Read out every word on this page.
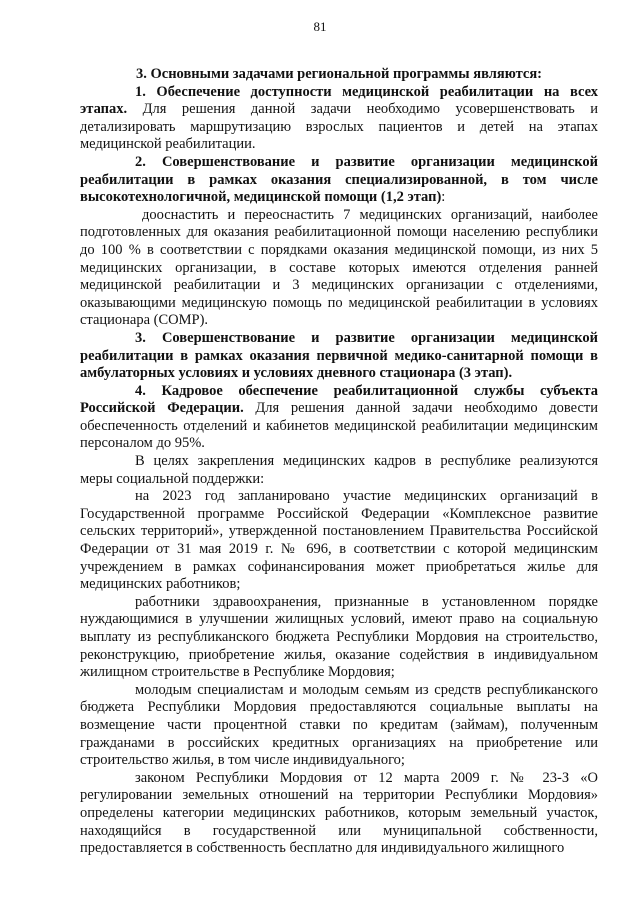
81

3. Основными задачами региональной программы являются:

1. Обеспечение доступности медицинской реабилитации на всех этапах. Для решения данной задачи необходимо усовершенствовать и детализировать маршрутизацию взрослых пациентов и детей на этапах медицинской реабилитации.

2. Совершенствование и развитие организации медицинской реабилитации в рамках оказания специализированной, в том числе высокотехнологичной, медицинской помощи (1,2 этап):

дооснастить и переоснастить 7 медицинских организаций, наиболее подготовленных для оказания реабилитационной помощи населению республики до 100 % в соответствии с порядками оказания медицинской помощи, из них 5 медицинских организации, в составе которых имеются отделения ранней медицинской реабилитации и 3 медицинских организации с отделениями, оказывающими медицинскую помощь по медицинской реабилитации в условиях стационара (СОМР).

3. Совершенствование и развитие организации медицинской реабилитации в рамках оказания первичной медико-санитарной помощи в амбулаторных условиях и условиях дневного стационара (3 этап).

4. Кадровое обеспечение реабилитационной службы субъекта Российской Федерации. Для решения данной задачи необходимо довести обеспеченность отделений и кабинетов медицинской реабилитации медицинским персоналом до 95%.

В целях закрепления медицинских кадров в республике реализуются меры социальной поддержки:

на 2023 год запланировано участие медицинских организаций в Государственной программе Российской Федерации «Комплексное развитие сельских территорий», утвержденной постановлением Правительства Российской Федерации от 31 мая 2019 г. № 696, в соответствии с которой медицинским учреждением в рамках софинансирования может приобретаться жилье для медицинских работников;

работники здравоохранения, признанные в установленном порядке нуждающимися в улучшении жилищных условий, имеют право на социальную выплату из республиканского бюджета Республики Мордовия на строительство, реконструкцию, приобретение жилья, оказание содействия в индивидуальном жилищном строительстве в Республике Мордовия;

молодым специалистам и молодым семьям из средств республиканского бюджета Республики Мордовия предоставляются социальные выплаты на возмещение части процентной ставки по кредитам (займам), полученным гражданами в российских кредитных организациях на приобретение или строительство жилья, в том числе индивидуального;

законом Республики Мордовия от 12 марта 2009 г. № 23-З «О регулировании земельных отношений на территории Республики Мордовия» определены категории медицинских работников, которым земельный участок, находящийся в государственной или муниципальной собственности, предоставляется в собственность бесплатно для индивидуального жилищного
